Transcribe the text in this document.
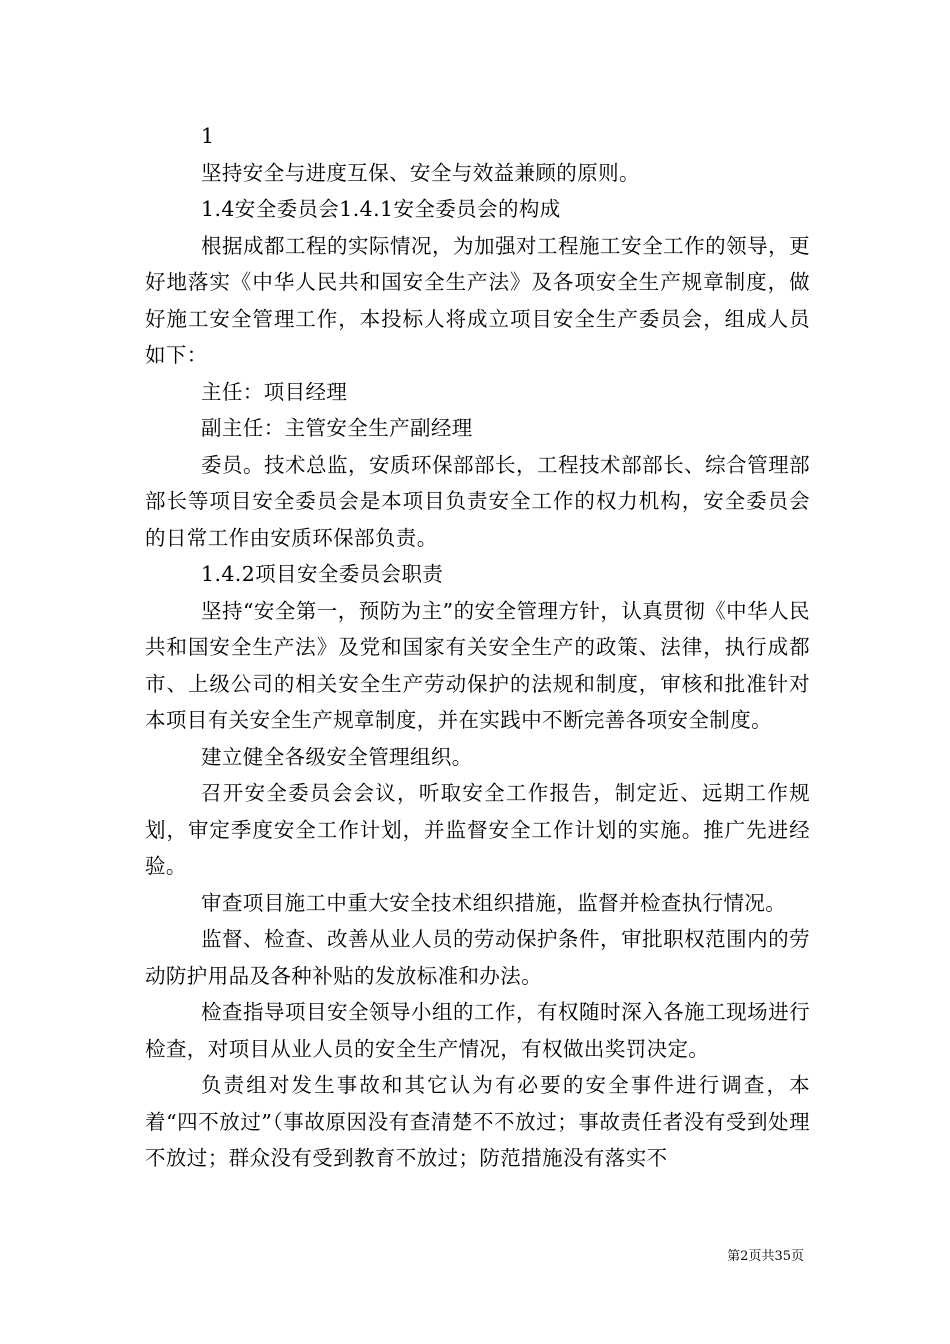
1

坚持安全与进度互保、安全与效益兼顾的原则。

1.4安全委员会1.4.1安全委员会的构成

根据成都工程的实际情况，为加强对工程施工安全工作的领导，更好地落实《中华人民共和国安全生产法》及各项安全生产规章制度，做好施工安全管理工作，本投标人将成立项目安全生产委员会，组成人员如下：

主任：项目经理

副主任：主管安全生产副经理

委员。技术总监，安质环保部部长，工程技术部部长、综合管理部部长等项目安全委员会是本项目负责安全工作的权力机构，安全委员会的日常工作由安质环保部负责。

1.4.2项目安全委员会职责

坚持“安全第一，预防为主”的安全管理方针，认真贯彻《中华人民共和国安全生产法》及党和国家有关安全生产的政策、法律，执行成都市、上级公司的相关安全生产劳动保护的法规和制度，审核和批准针对本项目有关安全生产规章制度，并在实践中不断完善各项安全制度。

建立健全各级安全管理组织。

召开安全委员会会议，听取安全工作报告，制定近、远期工作规划，审定季度安全工作计划，并监督安全工作计划的实施。推广先进经验。

审查项目施工中重大安全技术组织措施，监督并检查执行情况。

监督、检查、改善从业人员的劳动保护条件，审批职权范围内的劳动防护用品及各种补贴的发放标准和办法。

检查指导项目安全领导小组的工作，有权随时深入各施工现场进行检查，对项目从业人员的安全生产情况，有权做出奖罚决定。

负责组对发生事故和其它认为有必要的安全事件进行调查，本着“四不放过”（事故原因没有查清楚不不放过；事故责任者没有受到处理不放过；群众没有受到教育不放过；防范措施没有落实不

第2页共35页
